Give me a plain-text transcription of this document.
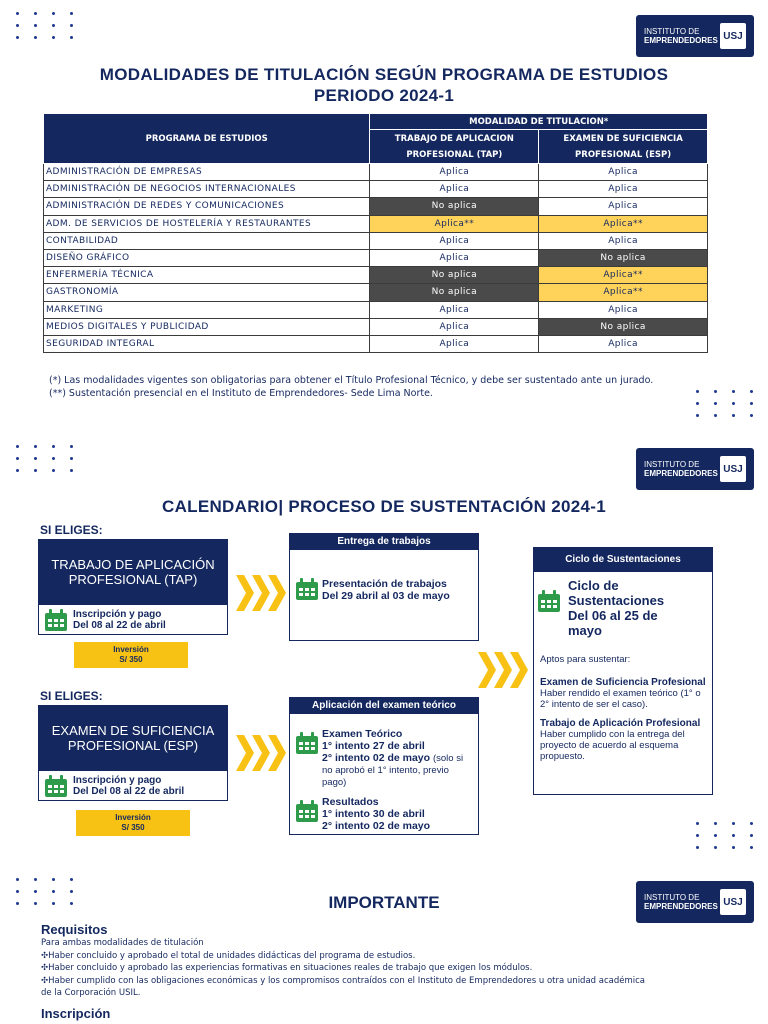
INSTITUTO DE
EMPRENDEDORES USJ
INSTITUTO DE
EMPRENDEDORES USJ
INSTITUTO DE
EMPRENDEDORES USJ
MODALIDADES DE TITULACIÓN SEGÚN PROGRAMA DE ESTUDIOS
PERIODO 2024-1
PROGRAMA DE ESTUDIOS	MODALIDAD DE TITULACION*	
	TRABAJO DE APLICACION PROFESIONAL (TAP)	EXAMEN DE SUFICIENCIA PROFESIONAL (ESP)
ADMINISTRACIÓN DE EMPRESAS	Aplica	Aplica
ADMINISTRACIÓN DE NEGOCIOS INTERNACIONALES	Aplica	Aplica
ADMINISTRACIÓN DE REDES Y COMUNICACIONES	No aplica	Aplica
ADM. DE SERVICIOS DE HOSTELERÍA Y RESTAURANTES	Aplica**	Aplica**
CONTABILIDAD	Aplica	Aplica
DISEÑO GRÁFICO	Aplica	No aplica
ENFERMERÍA TÉCNICA	No aplica	Aplica**
GASTRONOMÍA	No aplica	Aplica**
MARKETING	Aplica	Aplica
MEDIOS DIGITALES Y PUBLICIDAD	Aplica	No aplica
SEGURIDAD INTEGRAL	Aplica	Aplica
(*) Las modalidades vigentes son obligatorias para obtener el Título Profesional Técnico, y debe ser sustentado ante un jurado.
(**) Sustentación presencial en el Instituto de Emprendedores- Sede Lima Norte.
CALENDARIO| PROCESO DE SUSTENTACIÓN 2024-1
SI ELIGES:
TRABAJO DE APLICACIÓN PROFESIONAL (TAP)
Inscripción y pago
Del 08 al 22 de abril
Inversión
S/ 350
SI ELIGES:
EXAMEN DE SUFICIENCIA PROFESIONAL (ESP)
Inscripción y pago
Del Del 08 al 22 de abril
Inversión
S/ 350
Entrega de trabajos
Presentación de trabajos
Del 29 abril al 03 de mayo
Aplicación del examen teórico
Examen Teórico
1° intento 27 de abril
2° intento 02 de mayo (solo si no aprobó el 1° intento, previo pago)
Resultados
1° intento 30 de abril
2° intento 02 de mayo
Ciclo de Sustentaciones
Ciclo de Sustentaciones
Del 06 al 25 de mayo
Aptos para sustentar:
Examen de Suficiencia Profesional
Haber rendido el examen teórico (1° o 2° intento de ser el caso).
Trabajo de Aplicación Profesional
Haber cumplido con la entrega del proyecto de acuerdo al esquema propuesto.
IMPORTANTE
Requisitos

Para ambas modalidades de titulación

✣Haber concluido y aprobado el total de unidades didácticas del programa de estudios.

✣Haber concluido y aprobado las experiencias formativas en situaciones reales de trabajo que exigen los módulos.

✣Haber cumplido con las obligaciones económicas y los compromisos contraídos con el Instituto de Emprendedores u otra unidad académica

de la Corporación USIL.

Inscripción
